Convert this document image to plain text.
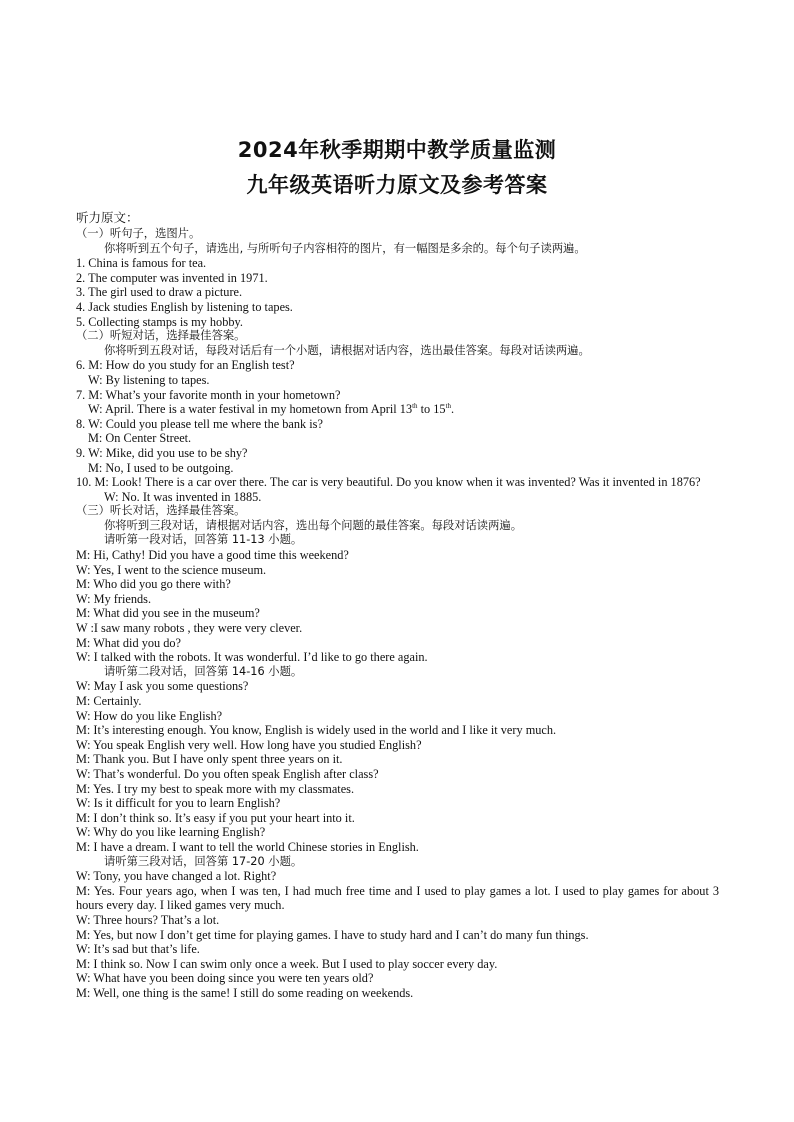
2024年秋季期期中教学质量监测
九年级英语听力原文及参考答案
听力原文：
（一）听句子，选图片。
你将听到五个句子，请选出, 与所听句子内容相符的图片，有一幅图是多余的。每个句子读两遍。
1. China is famous for tea.
2. The computer was invented in 1971.
3. The girl used to draw a picture.
4. Jack studies English by listening to tapes.
5. Collecting stamps is my hobby.
（二）听短对话，选择最佳答案。
你将听到五段对话，每段对话后有一个小题，请根据对话内容，选出最佳答案。每段对话读两遍。
6. M: How do you study for an English test?
W: By listening to tapes.
7. M: What’s your favorite month in your hometown?
W: April. There is a water festival in my hometown from April 13th to 15th.
8. W: Could you please tell me where the bank is?
M: On Center Street.
9. W: Mike, did you use to be shy?
M: No, I used to be outgoing.
10. M: Look! There is a car over there. The car is very beautiful. Do you know when it was invented? Was it invented in 1876?
W: No. It was invented in 1885.
（三）听长对话，选择最佳答案。
你将听到三段对话，请根据对话内容，选出每个问题的最佳答案。每段对话读两遍。
请听第一段对话，回答第 11-13 小题。
M: Hi, Cathy! Did you have a good time this weekend?
W: Yes, I went to the science museum.
M: Who did you go there with?
W: My friends.
M: What did you see in the museum?
W :I saw many robots , they were very clever.
M: What did you do?
W: I talked with the robots. It was wonderful. I’d like to go there again.
请听第二段对话，回答第 14-16 小题。
W: May I ask you some questions?
M: Certainly.
W: How do you like English?
M: It’s interesting enough. You know, English is widely used in the world and I like it very much.
W: You speak English very well. How long have you studied English?
M: Thank you. But I have only spent three years on it.
W: That’s wonderful. Do you often speak English after class?
M: Yes. I try my best to speak more with my classmates.
W: Is it difficult for you to learn English?
M: I don’t think so. It’s easy if you put your heart into it.
W: Why do you like learning English?
M: I have a dream. I want to tell the world Chinese stories in English.
请听第三段对话，回答第 17-20 小题。
W: Tony, you have changed a lot. Right?
M: Yes. Four years ago, when I was ten, I had much free time and I used to play games a lot. I used to play games for about 3 hours every day. I liked games very much.
W: Three hours? That’s a lot.
M: Yes, but now I don’t get time for playing games. I have to study hard and I can’t do many fun things.
W: It’s sad but that’s life.
M: I think so. Now I can swim only once a week. But I used to play soccer every day.
W: What have you been doing since you were ten years old?
M: Well, one thing is the same! I still do some reading on weekends.
